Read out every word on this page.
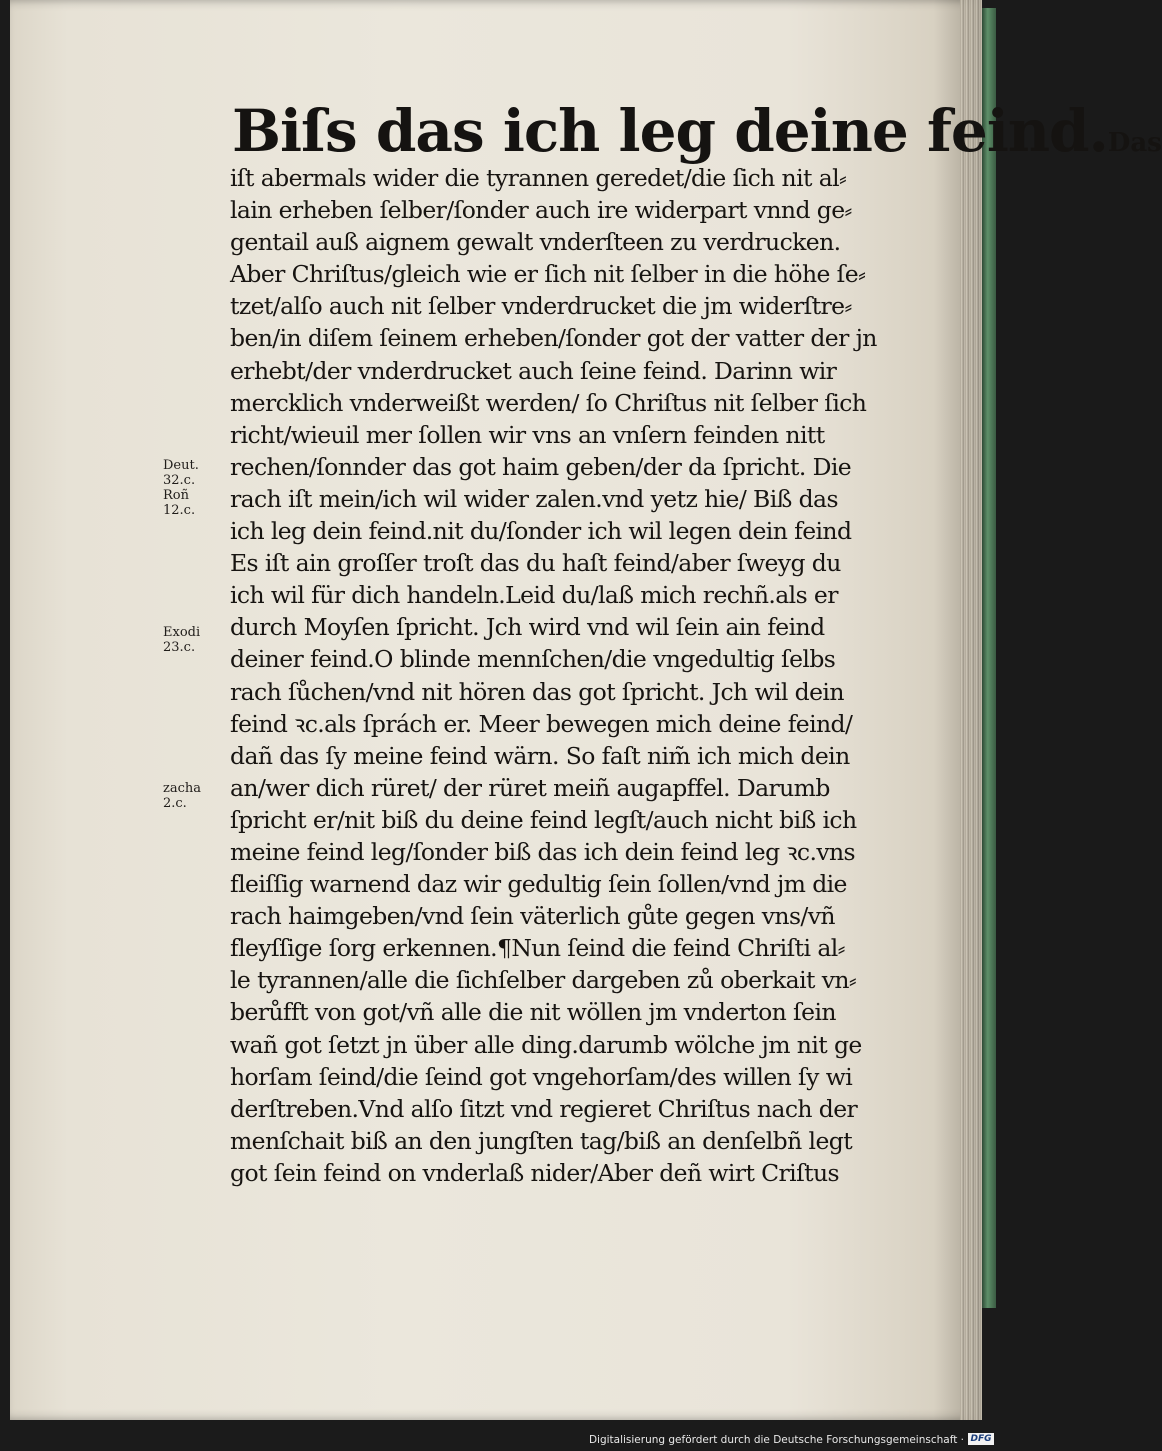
Biſs das ich leg deine feind.Das
iſt abermals wider die tyrannen geredet/die ſich nit al⸗
lain erheben ſelber/ſonder auch ire widerpart vnnd ge⸗
gentail auß aignem gewalt vnderſteen zu verdrucken.
Aber Chriſtus/gleich wie er ſich nit ſelber in die höhe ſe⸗
tzet/alſo auch nit ſelber vnderdrucket die jm widerſtre⸗
ben/in diſem ſeinem erheben/ſonder got der vatter der jn
erhebt/der vnderdrucket auch ſeine feind. Darinn wir
mercklich vnderweißt werden/ ſo Chriſtus nit ſelber ſich
richt/wieuil mer ſollen wir vns an vnſern feinden nitt
rechen/ſonnder das got haim geben/der da ſpricht. Die
rach iſt mein/ich wil wider zalen.vnd yetz hie/ Biß das
ich leg dein feind.nit du/ſonder ich wil legen dein feind
Es iſt ain groſſer troſt das du haſt feind/aber ſweyg du
ich wil für dich handeln.Leid du/laß mich rechñ.als er
durch Moyſen ſpricht. Jch wird vnd wil ſein ain feind
deiner feind.O blinde mennſchen/die vngedultig ſelbs
rach ſůchen/vnd nit hören das got ſpricht. Jch wil dein
feind ꝛc.als ſprách er. Meer bewegen mich deine feind/
dañ das ſy meine feind wärn. So faſt nim̃ ich mich dein
an/wer dich rüret/ der rüret meiñ augapffel. Darumb
ſpricht er/nit biß du deine feind legſt/auch nicht biß ich
meine feind leg/ſonder biß das ich dein feind leg ꝛc.vns
fleiſſig warnend daz wir gedultig ſein ſollen/vnd jm die
rach haimgeben/vnd ſein väterlich gůte gegen vns/vñ
fleyſſige ſorg erkennen.¶Nun ſeind die feind Chriſti al⸗
le tyrannen/alle die ſichſelber dargeben zů oberkait vn⸗
berůfft von got/vñ alle die nit wöllen jm vnderton ſein
wañ got ſetzt jn über alle ding.darumb wölche jm nit ge
horſam ſeind/die ſeind got vngehorſam/des willen ſy wi
derſtreben.Vnd alſo ſitzt vnd regieret Chriſtus nach der
menſchait biß an den jungſten tag/biß an denſelbñ legt
got ſein feind on vnderlaß nider/Aber deñ wirt Criſtus
Deut.
32.c.
Roñ
12.c.
Exodi
23.c.
zacha
2.c.
Digitalisierung gefördert durch die Deutsche Forschungsgemeinschaft · DFG
